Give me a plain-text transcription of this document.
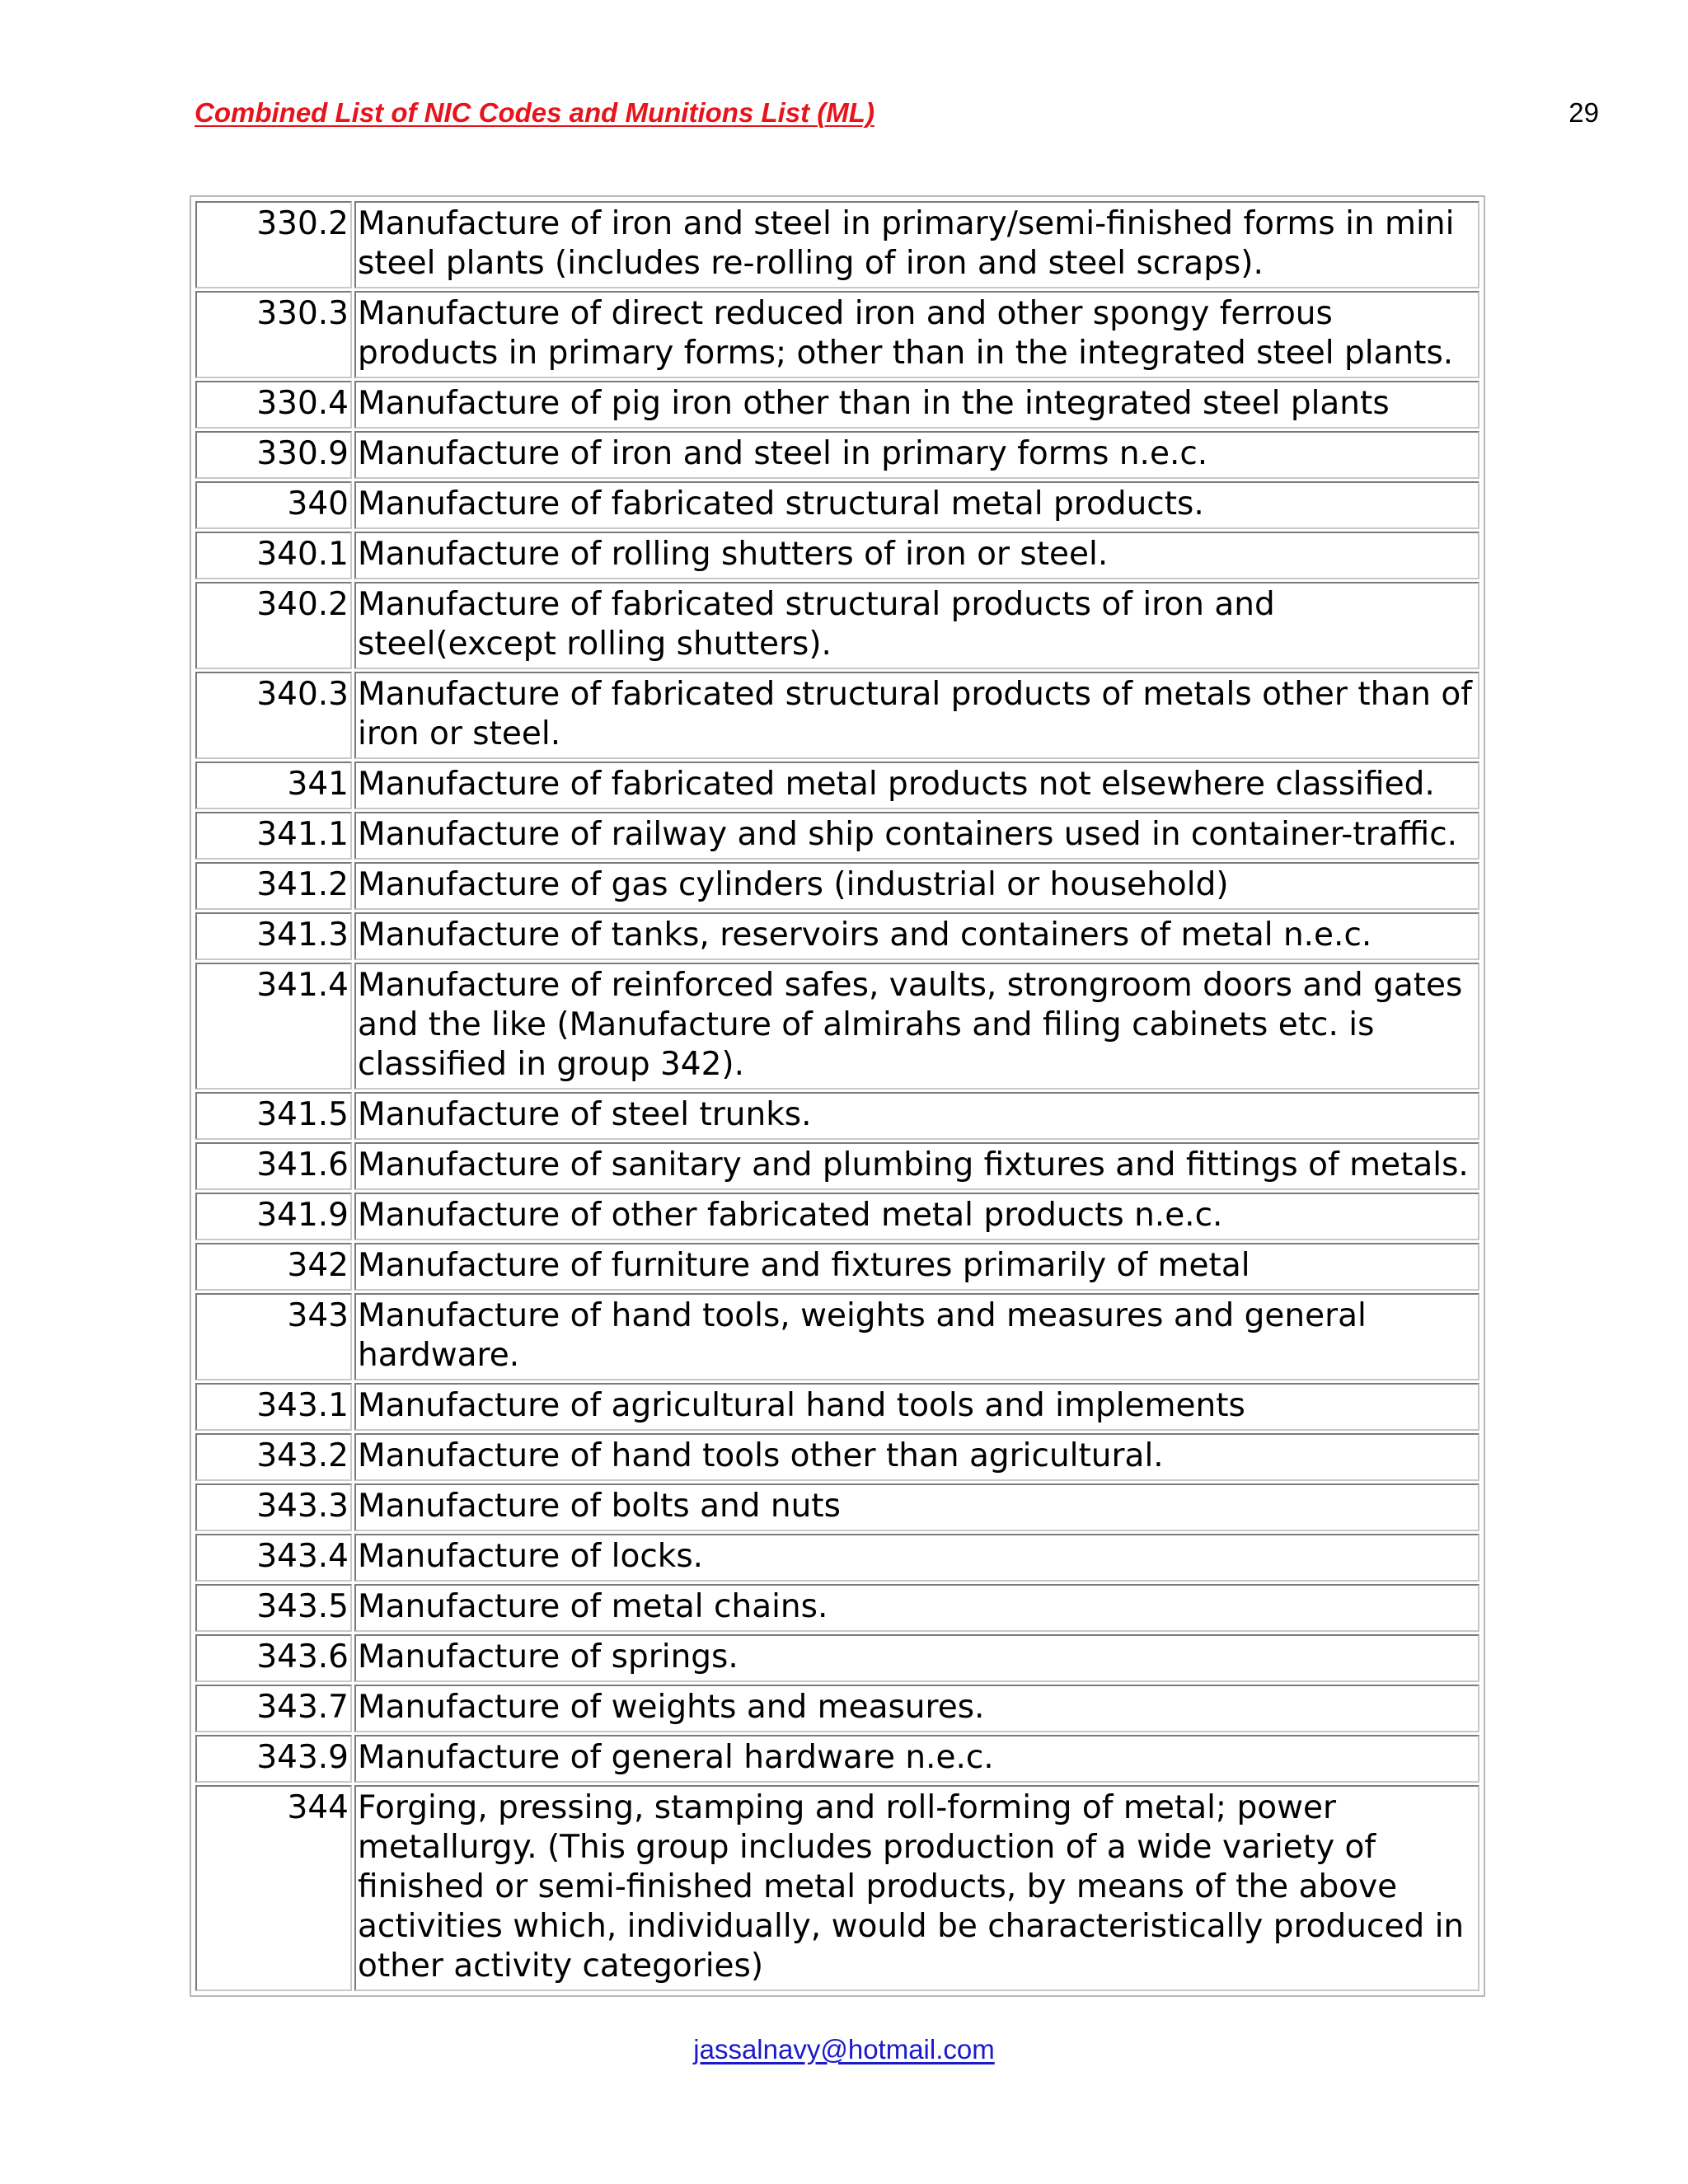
Combined List of NIC Codes and Munitions List (ML)	29
330.2	Manufacture of iron and steel in primary/semi-finished forms in mini steel plants (includes re-rolling of iron and steel scraps).
330.3	Manufacture of direct reduced iron and other spongy ferrous products in primary forms; other than in the integrated steel plants.
330.4	Manufacture of pig iron other than in the integrated steel plants
330.9	Manufacture of iron and steel in primary forms n.e.c.
340	Manufacture of fabricated structural metal products.
340.1	Manufacture of rolling shutters of iron or steel.
340.2	Manufacture of fabricated structural products of iron and steel(except rolling shutters).
340.3	Manufacture of fabricated structural products of metals other than of iron or steel.
341	Manufacture of fabricated metal products not elsewhere classified.
341.1	Manufacture of railway and ship containers used in container-traffic.
341.2	Manufacture of gas cylinders (industrial or household)
341.3	Manufacture of tanks, reservoirs and containers of metal n.e.c.
341.4	Manufacture of reinforced safes, vaults, strongroom doors and gates and the like (Manufacture of almirahs and filing cabinets etc. is classified in group 342).
341.5	Manufacture of steel trunks.
341.6	Manufacture of sanitary and plumbing fixtures and fittings of metals.
341.9	Manufacture of other fabricated metal products n.e.c.
342	Manufacture of furniture and fixtures primarily of metal
343	Manufacture of hand tools, weights and measures and general hardware.
343.1	Manufacture of agricultural hand tools and implements
343.2	Manufacture of hand tools other than agricultural.
343.3	Manufacture of bolts and nuts
343.4	Manufacture of locks.
343.5	Manufacture of metal chains.
343.6	Manufacture of springs.
343.7	Manufacture of weights and measures.
343.9	Manufacture of general hardware n.e.c.
344	Forging, pressing, stamping and roll-forming of metal; power metallurgy. (This group includes production of a wide variety of finished or semi-finished metal products, by means of the above activities which, individually, would be characteristically produced in other activity categories)
jassalnavy@hotmail.com
